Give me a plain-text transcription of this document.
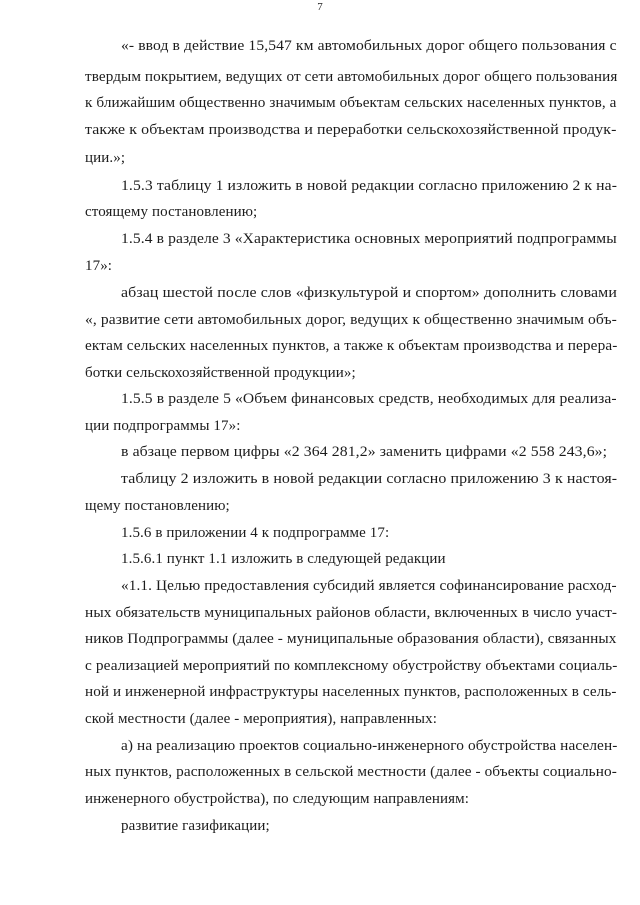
7
«- ввод в действие 15,547 км автомобильных дорог общего пользования с
твердым покрытием, ведущих от сети автомобильных дорог общего пользования
к ближайшим общественно значимым объектам сельских населенных пунктов, а
также к объектам производства и переработки сельскохозяйственной продук-
ции.»;
1.5.3 таблицу 1 изложить в новой редакции согласно приложению 2 к на-
стоящему постановлению;
1.5.4 в разделе 3 «Характеристика основных мероприятий подпрограммы
17»:
абзац шестой после слов «физкультурой и спортом» дополнить словами
«, развитие сети автомобильных дорог, ведущих к общественно значимым объ-
ектам сельских населенных пунктов, а также к объектам производства и перера-
ботки сельскохозяйственной продукции»;
1.5.5 в разделе 5 «Объем финансовых средств, необходимых для реализа-
ции подпрограммы 17»:
в абзаце первом цифры «2 364 281,2» заменить цифрами «2 558 243,6»;
таблицу 2 изложить в новой редакции согласно приложению 3 к настоя-
щему постановлению;
1.5.6 в приложении 4 к подпрограмме 17:
1.5.6.1 пункт 1.1 изложить в следующей редакции
«1.1. Целью предоставления субсидий является софинансирование расход-
ных обязательств муниципальных районов области, включенных в число участ-
ников Подпрограммы (далее - муниципальные образования области), связанных
с реализацией мероприятий по комплексному обустройству объектами социаль-
ной и инженерной инфраструктуры населенных пунктов, расположенных в сель-
ской местности (далее - мероприятия), направленных:
а) на реализацию проектов социально-инженерного обустройства населен-
ных пунктов, расположенных в сельской местности (далее - объекты социально-
инженерного обустройства), по следующим направлениям:
развитие газификации;
